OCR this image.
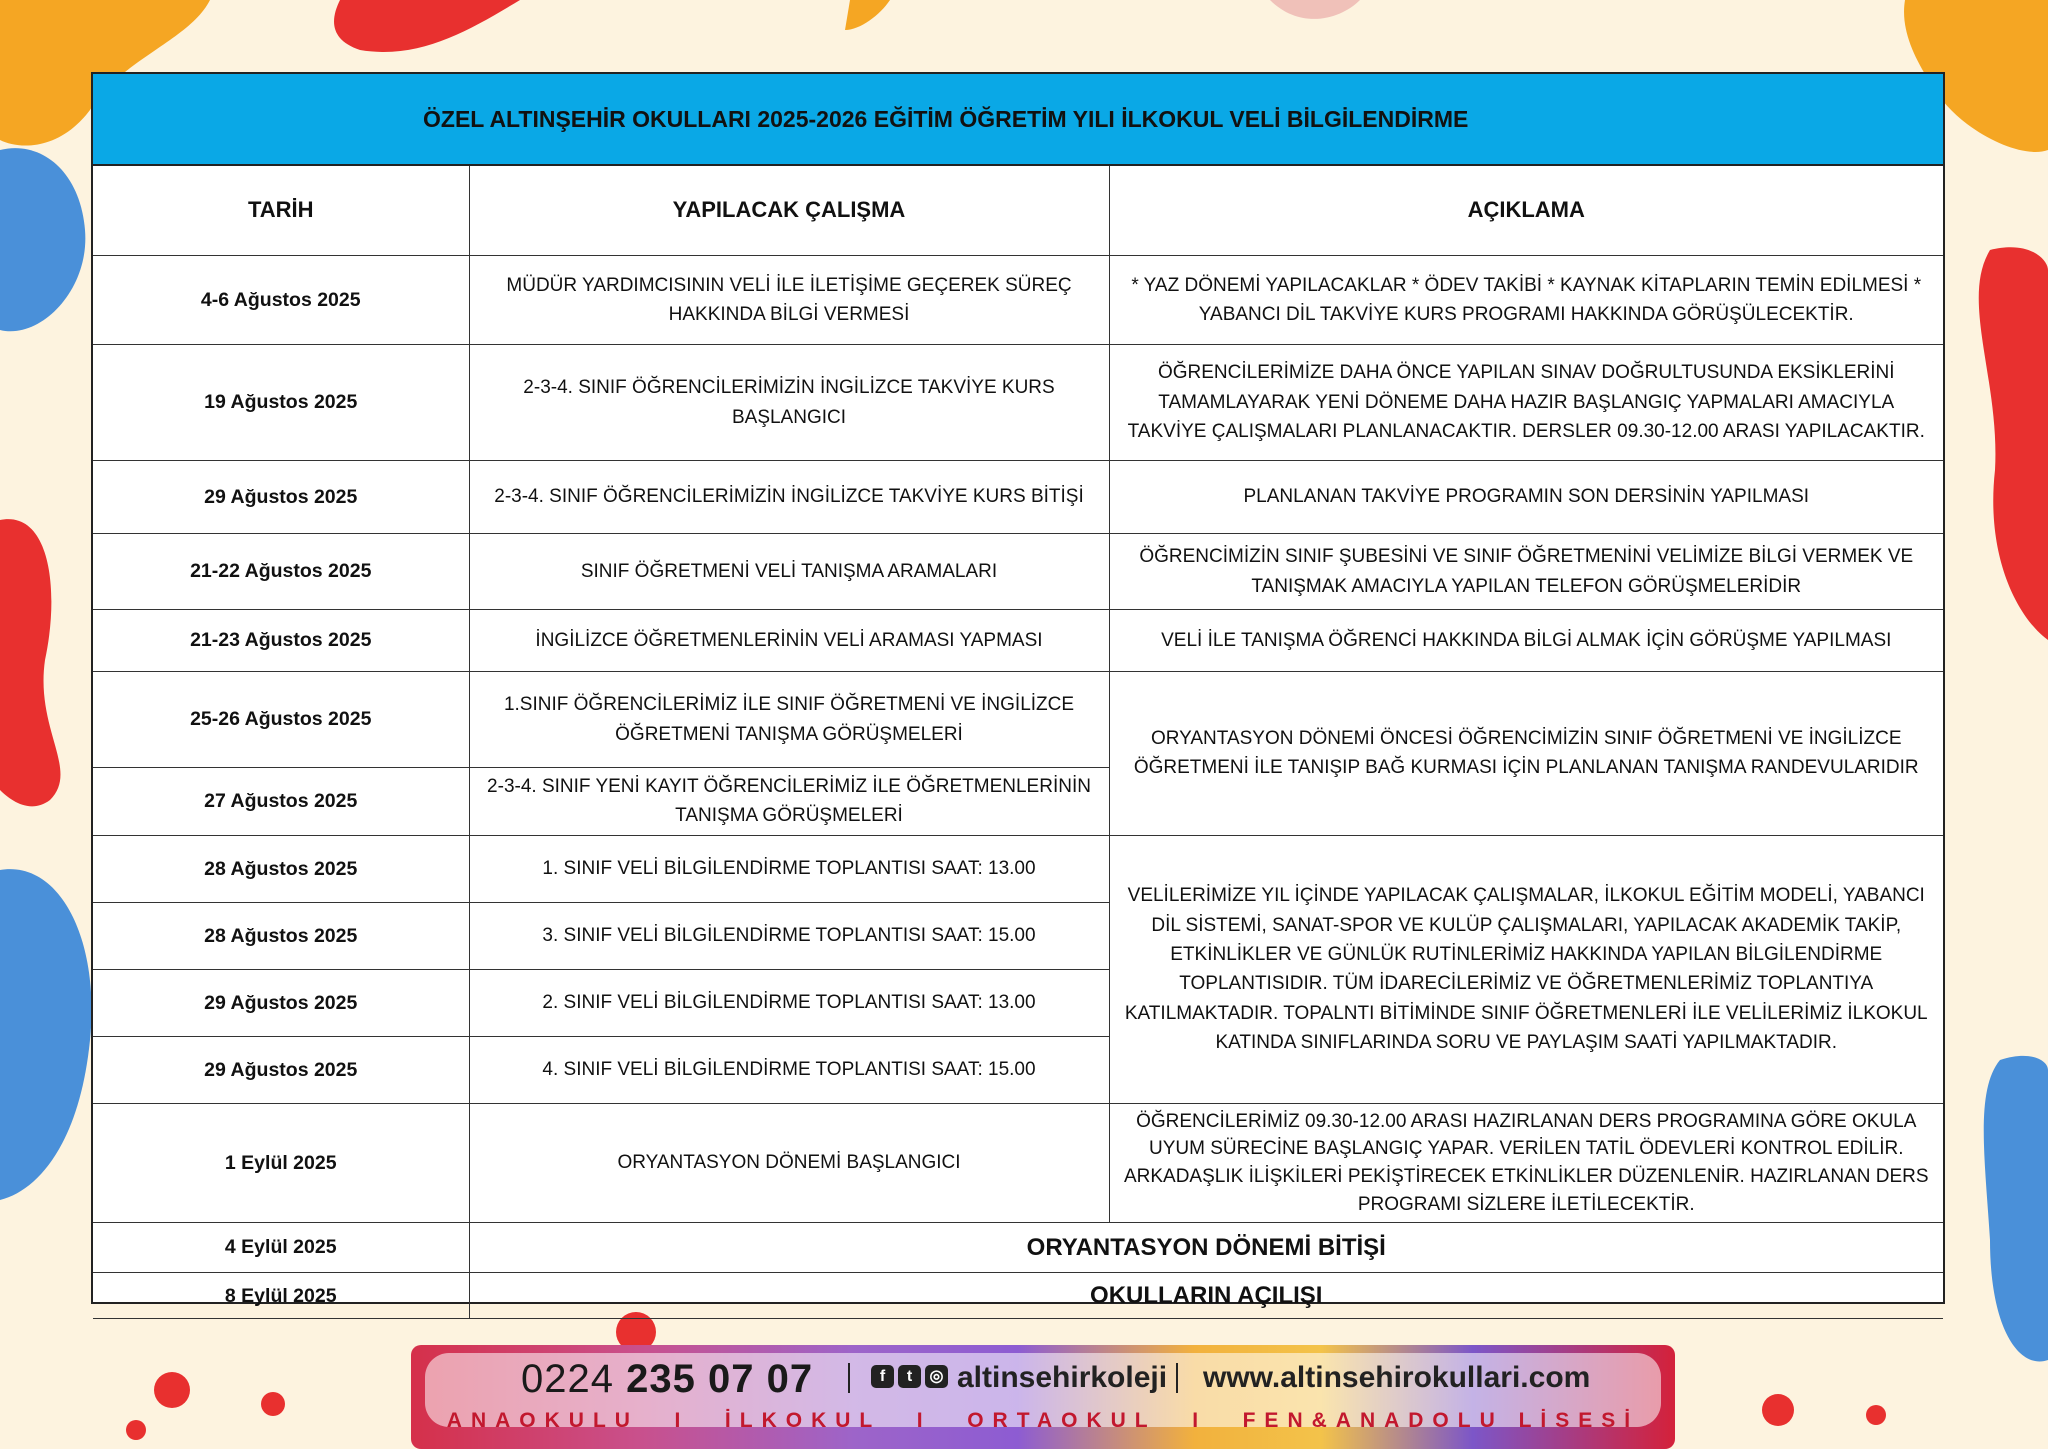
ÖZEL ALTINŞEHİR OKULLARI 2025-2026 EĞİTİM ÖĞRETİM YILI İLKOKUL VELİ BİLGİLENDİRME
TARİH	YAPILACAK ÇALIŞMA	AÇIKLAMA
4-6 Ağustos 2025	MÜDÜR YARDIMCISININ VELİ İLE İLETİŞİME GEÇEREK SÜREÇ HAKKINDA BİLGİ VERMESİ	* YAZ DÖNEMİ YAPILACAKLAR * ÖDEV TAKİBİ * KAYNAK KİTAPLARIN TEMİN EDİLMESİ * YABANCI DİL TAKVİYE KURS PROGRAMI HAKKINDA GÖRÜŞÜLECEKTİR.
19 Ağustos 2025	2-3-4. SINIF ÖĞRENCİLERİMİZİN İNGİLİZCE TAKVİYE KURS BAŞLANGICI	ÖĞRENCİLERİMİZE DAHA ÖNCE YAPILAN SINAV DOĞRULTUSUNDA EKSİKLERİNİ TAMAMLAYARAK YENİ DÖNEME DAHA HAZIR BAŞLANGIÇ YAPMALARI AMACIYLA TAKVİYE ÇALIŞMALARI PLANLANACAKTIR. DERSLER 09.30-12.00 ARASI YAPILACAKTIR.
29 Ağustos 2025	2-3-4. SINIF ÖĞRENCİLERİMİZİN İNGİLİZCE TAKVİYE KURS BİTİŞİ	PLANLANAN TAKVİYE PROGRAMIN SON DERSİNİN YAPILMASI
21-22 Ağustos 2025	SINIF ÖĞRETMENİ VELİ TANIŞMA ARAMALARI	ÖĞRENCİMİZİN SINIF ŞUBESİNİ VE SINIF ÖĞRETMENİNİ VELİMİZE BİLGİ VERMEK VE TANIŞMAK AMACIYLA YAPILAN TELEFON GÖRÜŞMELERİDİR
21-23 Ağustos 2025	İNGİLİZCE ÖĞRETMENLERİNİN VELİ ARAMASI YAPMASI	VELİ İLE TANIŞMA ÖĞRENCİ HAKKINDA BİLGİ ALMAK İÇİN GÖRÜŞME YAPILMASI
25-26 Ağustos 2025	1.SINIF ÖĞRENCİLERİMİZ İLE SINIF ÖĞRETMENİ VE İNGİLİZCE ÖĞRETMENİ TANIŞMA GÖRÜŞMELERİ	ORYANTASYON DÖNEMİ ÖNCESİ ÖĞRENCİMİZİN SINIF ÖĞRETMENİ VE İNGİLİZCE ÖĞRETMENİ İLE TANIŞIP BAĞ KURMASI İÇİN PLANLANAN TANIŞMA RANDEVULARIDIR
27 Ağustos 2025	2-3-4. SINIF YENİ KAYIT ÖĞRENCİLERİMİZ İLE ÖĞRETMENLERİNİN TANIŞMA GÖRÜŞMELERİ	
28 Ağustos 2025	1. SINIF VELİ BİLGİLENDİRME TOPLANTISI SAAT: 13.00	VELİLERİMİZE YIL İÇİNDE YAPILACAK ÇALIŞMALAR, İLKOKUL EĞİTİM MODELİ, YABANCI DİL SİSTEMİ, SANAT-SPOR VE KULÜP ÇALIŞMALARI, YAPILACAK AKADEMİK TAKİP, ETKİNLİKLER VE GÜNLÜK RUTİNLERİMİZ HAKKINDA YAPILAN BİLGİLENDİRME TOPLANTISIDIR. TÜM İDARECİLERİMİZ VE ÖĞRETMENLERİMİZ TOPLANTIYA KATILMAKTADIR. TOPALNTI BİTİMİNDE SINIF ÖĞRETMENLERİ İLE VELİLERİMİZ İLKOKUL KATINDA SINIFLARINDA SORU VE PAYLAŞIM SAATİ YAPILMAKTADIR.
28 Ağustos 2025	3. SINIF VELİ BİLGİLENDİRME TOPLANTISI SAAT: 15.00	
29 Ağustos 2025	2. SINIF VELİ BİLGİLENDİRME TOPLANTISI SAAT: 13.00	
29 Ağustos 2025	4. SINIF VELİ BİLGİLENDİRME TOPLANTISI SAAT: 15.00	
1 Eylül 2025	ORYANTASYON DÖNEMİ BAŞLANGICI	ÖĞRENCİLERİMİZ 09.30-12.00 ARASI HAZIRLANAN DERS PROGRAMINA GÖRE OKULA UYUM SÜRECİNE BAŞLANGIÇ YAPAR. VERİLEN TATİL ÖDEVLERİ KONTROL EDİLİR. ARKADAŞLIK İLİŞKİLERİ PEKİŞTİRECEK ETKİNLİKLER DÜZENLENİR. HAZIRLANAN DERS PROGRAMI SİZLERE İLETİLECEKTİR.
4 Eylül 2025	ORYANTASYON DÖNEMİ BİTİŞİ	
8 Eylül 2025	OKULLARIN AÇILIŞI	
0224 235 07 07	f	t	◎ altinsehirkoleji www.altinsehirokullari.com
ANAOKULU I İLKOKUL I ORTAOKUL I FEN&ANADOLU LİSESİ
